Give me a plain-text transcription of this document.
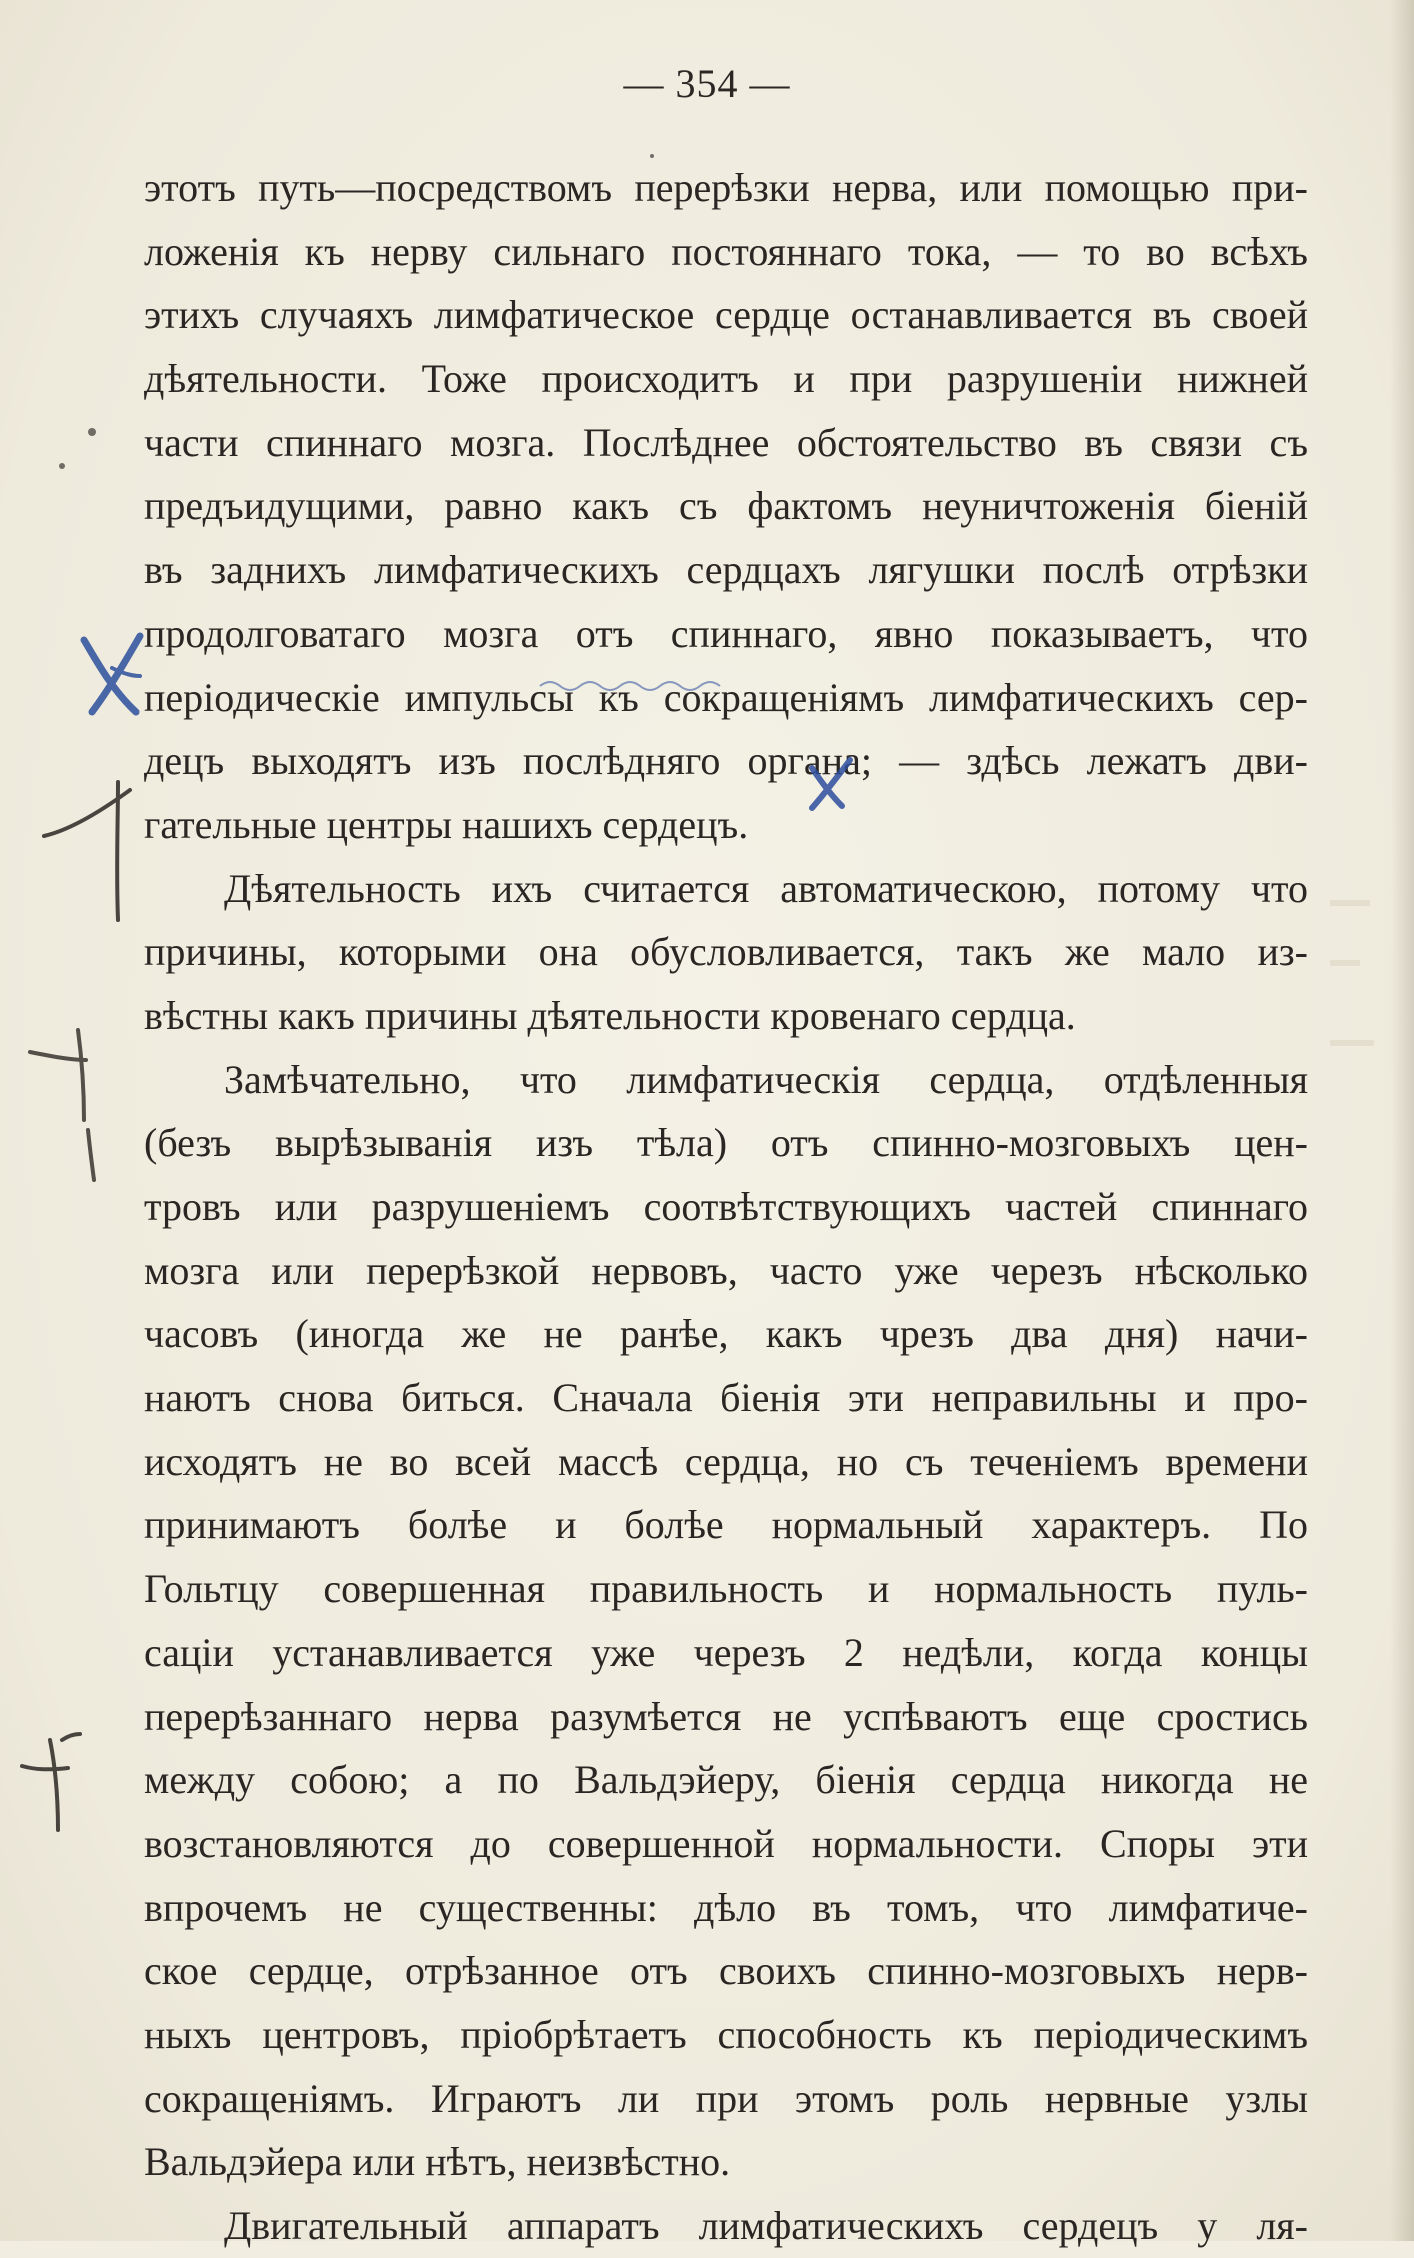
— 354 —
этотъ путь—посредствомъ перерѣзки нерва, или помощью при-
ложенія къ нерву сильнаго постояннаго тока, — то во всѣхъ
этихъ случаяхъ лимфатическое сердце останавливается въ своей
дѣятельности. Тоже происходитъ и при разрушеніи нижней
части спиннаго мозга. Послѣднее обстоятельство въ связи съ
предъидущими, равно какъ съ фактомъ неуничтоженія біеній
въ заднихъ лимфатическихъ сердцахъ лягушки послѣ отрѣзки
продолговатаго мозга отъ спиннаго, явно показываетъ, что
періодическіе импульсы къ сокращеніямъ лимфатическихъ сер-
децъ выходятъ изъ послѣдняго органа; — здѣсь лежатъ дви-
гательные центры нашихъ сердецъ.
Дѣятельность ихъ считается автоматическою, потому что
причины, которыми она обусловливается, такъ же мало из-
вѣстны какъ причины дѣятельности кровенаго сердца.
Замѣчательно, что лимфатическія сердца, отдѣленныя
(безъ вырѣзыванія изъ тѣла) отъ спинно-мозговыхъ цен-
тровъ или разрушеніемъ соотвѣтствующихъ частей спиннаго
мозга или перерѣзкой нервовъ, часто уже черезъ нѣсколько
часовъ (иногда же не ранѣе, какъ чрезъ два дня) начи-
наютъ снова биться. Сначала біенія эти неправильны и про-
исходятъ не во всей массѣ сердца, но съ теченіемъ времени
принимаютъ болѣе и болѣе нормальный характеръ. По
Гольтцу совершенная правильность и нормальность пуль-
саціи устанавливается уже черезъ 2 недѣли, когда концы
перерѣзаннаго нерва разумѣется не успѣваютъ еще сростись
между собою; а по Вальдэйеру, біенія сердца никогда не
возстановляются до совершенной нормальности. Споры эти
впрочемъ не существенны: дѣло въ томъ, что лимфатиче-
ское сердце, отрѣзанное отъ своихъ спинно-мозговыхъ нерв-
ныхъ центровъ, пріобрѣтаетъ способность къ періодическимъ
сокращеніямъ. Играютъ ли при этомъ роль нервные узлы
Вальдэйера или нѣтъ, неизвѣстно.
Двигательный аппаратъ лимфатическихъ сердецъ у ля-
